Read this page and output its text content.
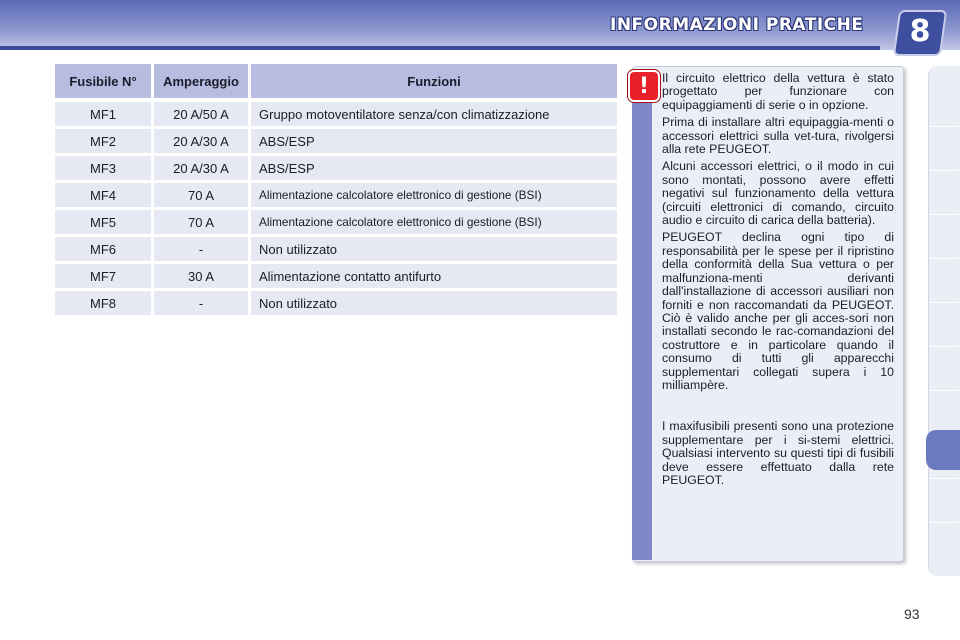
INFORMAZIONI PRATICHE	8
Fusibile N°	Amperaggio	Funzioni
MF1	20 A/50 A	Gruppo motoventilatore senza/con climatizzazione
MF2	20 A/30 A	ABS/ESP
MF3	20 A/30 A	ABS/ESP
MF4	70 A	Alimentazione calcolatore elettronico di gestione (BSI)
MF5	70 A	Alimentazione calcolatore elettronico di gestione (BSI)
MF6	-	Non utilizzato
MF7	30 A	Alimentazione contatto antifurto
MF8	-	Non utilizzato
!	Il circuito elettrico della vettura è stato progettato per funzionare con equipaggiamenti di serie o in opzione.

Prima di installare altri equipaggia-menti o accessori elettrici sulla vet-tura, rivolgersi alla rete PEUGEOT.

Alcuni accessori elettrici, o il modo in cui sono montati, possono avere effetti negativi sul funzionamento della vettura (circuiti elettronici di comando, circuito audio e circuito di carica della batteria).

PEUGEOT declina ogni tipo di responsabilità per le spese per il ripristino della conformità della Sua vettura o per malfunziona-menti derivanti dall'installazione di accessori ausiliari non forniti e non raccomandati da PEUGEOT. Ciò è valido anche per gli acces-sori non installati secondo le rac-comandazioni del costruttore e in particolare quando il consumo di tutti gli apparecchi supplementari collegati supera i 10 milliampère.

I maxifusibili presenti sono una protezione supplementare per i si-stemi elettrici. Qualsiasi intervento su questi tipi di fusibili deve essere effettuato dalla rete PEUGEOT.

93
